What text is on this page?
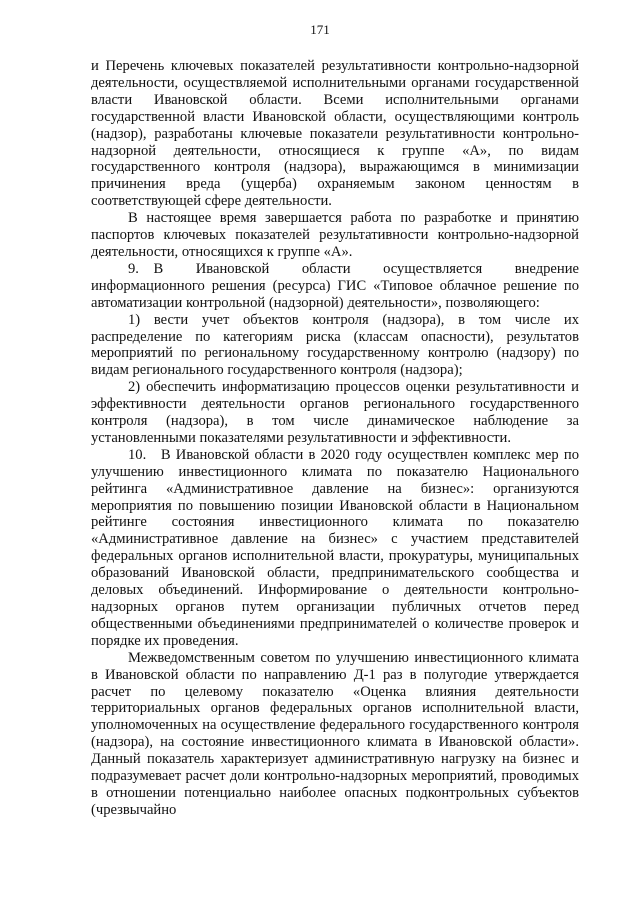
171

и Перечень ключевых показателей результативности контрольно-надзорной деятельности, осуществляемой исполнительными органами государственной власти Ивановской области. Всеми исполнительными органами государственной власти Ивановской области, осуществляющими контроль (надзор), разработаны ключевые показатели результативности контрольно-надзорной деятельности, относящиеся к группе «А», по видам государственного контроля (надзора), выражающимся в минимизации причинения вреда (ущерба) охраняемым законом ценностям в соответствующей сфере деятельности.

В настоящее время завершается работа по разработке и принятию паспортов ключевых показателей результативности контрольно-надзорной деятельности, относящихся к группе «А».

9. В Ивановской области осуществляется внедрение информационного решения (ресурса) ГИС «Типовое облачное решение по автоматизации контрольной (надзорной) деятельности», позволяющего:

1) вести учет объектов контроля (надзора), в том числе их распределение по категориям риска (классам опасности), результатов мероприятий по региональному государственному контролю (надзору) по видам регионального государственного контроля (надзора);

2) обеспечить информатизацию процессов оценки результативности и эффективности деятельности органов регионального государственного контроля (надзора), в том числе динамическое наблюдение за установленными показателями результативности и эффективности.

10. В Ивановской области в 2020 году осуществлен комплекс мер по улучшению инвестиционного климата по показателю Национального рейтинга «Административное давление на бизнес»: организуются мероприятия по повышению позиции Ивановской области в Национальном рейтинге состояния инвестиционного климата по показателю «Административное давление на бизнес» с участием представителей федеральных органов исполнительной власти, прокуратуры, муниципальных образований Ивановской области, предпринимательского сообщества и деловых объединений. Информирование о деятельности контрольно-надзорных органов путем организации публичных отчетов перед общественными объединениями предпринимателей о количестве проверок и порядке их проведения.

Межведомственным советом по улучшению инвестиционного климата в Ивановской области по направлению Д-1 раз в полугодие утверждается расчет по целевому показателю «Оценка влияния деятельности территориальных органов федеральных органов исполнительной власти, уполномоченных на осуществление федерального государственного контроля (надзора), на состояние инвестиционного климата в Ивановской области». Данный показатель характеризует административную нагрузку на бизнес и подразумевает расчет доли контрольно-надзорных мероприятий, проводимых в отношении потенциально наиболее опасных подконтрольных субъектов (чрезвычайно
